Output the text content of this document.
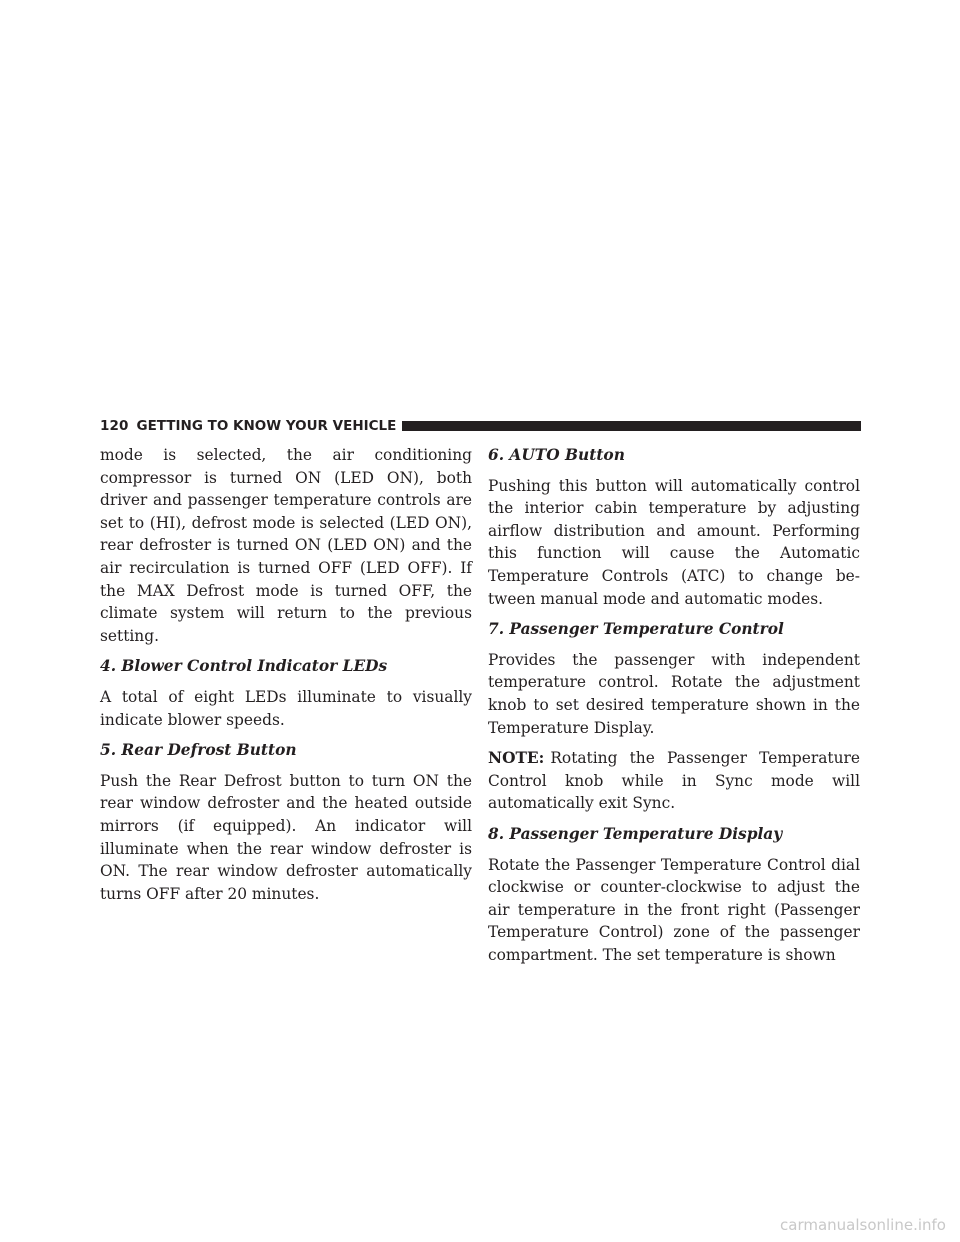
120 GETTING TO KNOW YOUR VEHICLE

mode is selected, the air conditioning compressor is turned ON (LED ON), both driver and passenger temperature controls are set to (HI), defrost mode is selected (LED ON), rear defroster is turned ON (LED ON) and the air recirculation is turned OFF (LED OFF). If the MAX Defrost mode is turned OFF, the climate system will return to the previous setting.

4. Blower Control Indicator LEDs

A total of eight LEDs illuminate to visually indicate blower speeds.

5. Rear Defrost Button

Push the Rear Defrost button to turn ON the rear window defroster and the heated outside mirrors (if equipped). An indicator will illuminate when the rear window defroster is ON. The rear window defroster automatically turns OFF after 20 minutes.

6. AUTO Button

Pushing this button will automatically control the interior cabin temperature by adjusting airflow distribution and amount. Performing this function will cause the Automatic Temperature Controls (ATC) to change between manual mode and automatic modes.

7. Passenger Temperature Control

Provides the passenger with independent temperature control. Rotate the adjustment knob to set desired temperature shown in the Temperature Display.

NOTE: Rotating the Passenger Temperature Control knob while in Sync mode will automatically exit Sync.

8. Passenger Temperature Display

Rotate the Passenger Temperature Control dial clockwise or counter-clockwise to adjust the air temperature in the front right (Passenger Temperature Control) zone of the passenger compartment. The set temperature is shown

carmanualsonline.info
